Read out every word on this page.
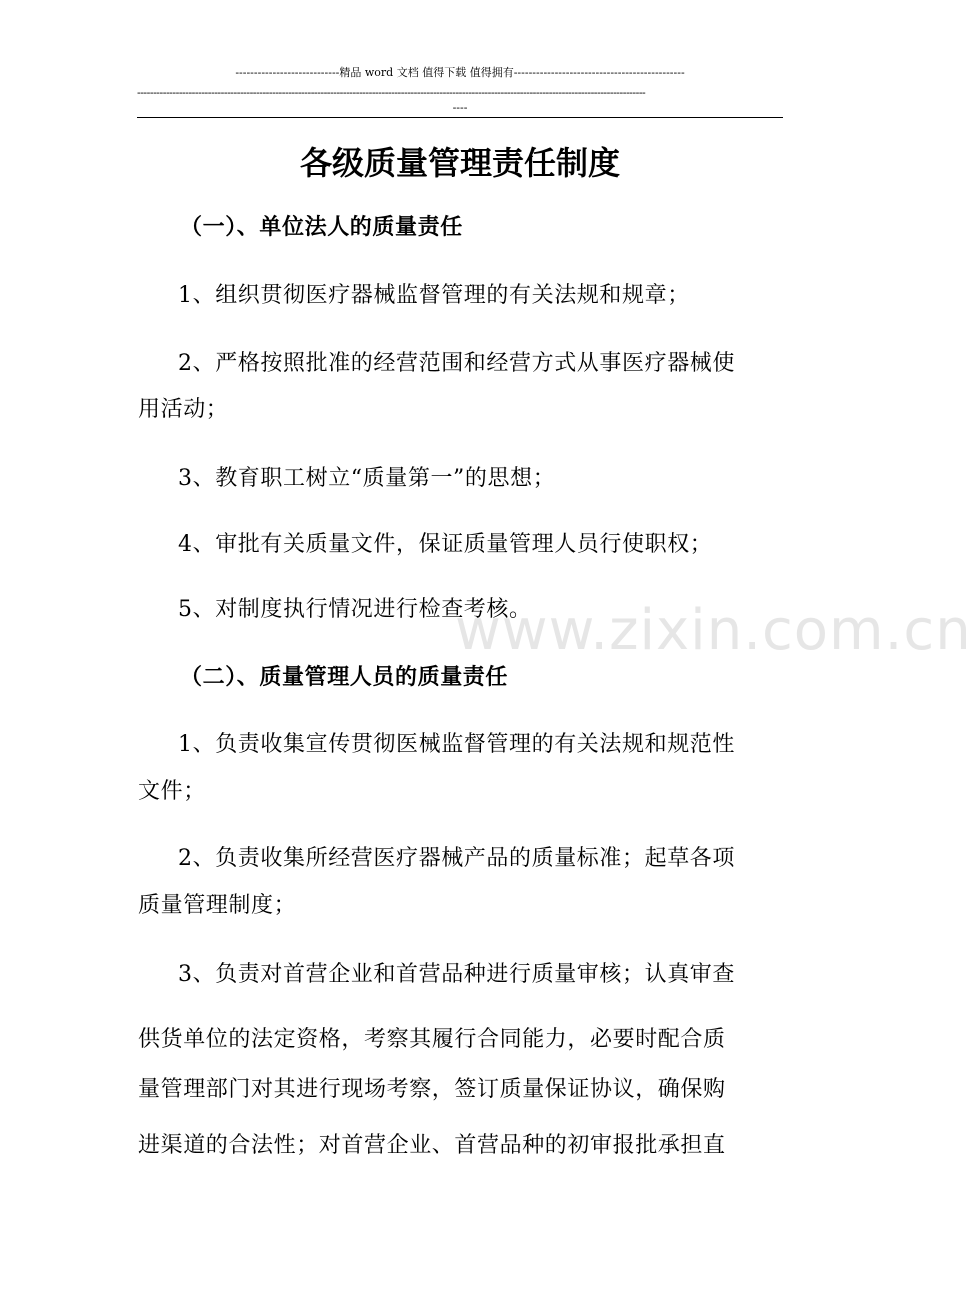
----------------------------精品 word 文档 值得下载 值得拥有----------------------------------------------
--------------------------------------------------------------------------------------------------------------------------------------------------------------
----
www.zixin.com.cn
各级质量管理责任制度
（一）、单位法人的质量责任
1、组织贯彻医疗器械监督管理的有关法规和规章；
2、严格按照批准的经营范围和经营方式从事医疗器械使
用活动；
3、教育职工树立“质量第一”的思想；
4、审批有关质量文件，保证质量管理人员行使职权；
5、对制度执行情况进行检查考核。
（二）、质量管理人员的质量责任
1、负责收集宣传贯彻医械监督管理的有关法规和规范性
文件；
2、负责收集所经营医疗器械产品的质量标准；起草各项
质量管理制度；
3、负责对首营企业和首营品种进行质量审核；认真审查
供货单位的法定资格，考察其履行合同能力，必要时配合质
量管理部门对其进行现场考察，签订质量保证协议，确保购
进渠道的合法性；对首营企业、首营品种的初审报批承担直
